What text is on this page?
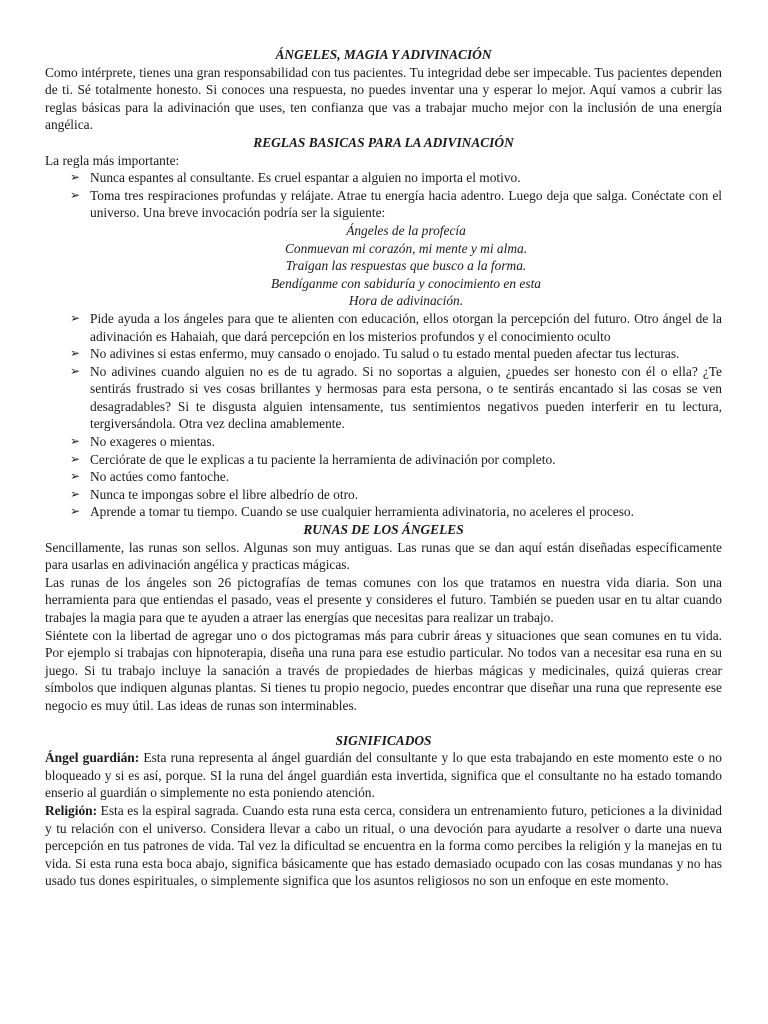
ÁNGELES, MAGIA Y ADIVINACIÓN

Como intérprete, tienes una gran responsabilidad con tus pacientes. Tu integridad debe ser impecable. Tus pacientes dependen de ti. Sé totalmente honesto. Si conoces una respuesta, no puedes inventar una y esperar lo mejor. Aquí vamos a cubrir las reglas básicas para la adivinación que uses, ten confianza que vas a trabajar mucho mejor con la inclusión de una energía angélica.

REGLAS BASICAS PARA LA ADIVINACIÓN

La regla más importante:

➢ Nunca espantes al consultante. Es cruel espantar a alguien no importa el motivo.
➢ Toma tres respiraciones profundas y relájate. Atrae tu energía hacia adentro. Luego deja que salga. Conéctate con el universo. Una breve invocación podría ser la siguiente:

Ángeles de la profecía

Conmuevan mi corazón, mi mente y mi alma.

Traigan las respuestas que busco a la forma.

Bendíganme con sabiduría y conocimiento en esta

Hora de adivinación.

➢ Pide ayuda a los ángeles para que te alienten con educación, ellos otorgan la percepción del futuro. Otro ángel de la adivinación es Hahaiah, que dará percepción en los misterios profundos y el conocimiento oculto
➢ No adivines si estas enfermo, muy cansado o enojado. Tu salud o tu estado mental pueden afectar tus lecturas.
➢ No adivines cuando alguien no es de tu agrado. Si no soportas a alguien, ¿puedes ser honesto con él o ella? ¿Te sentirás frustrado si ves cosas brillantes y hermosas para esta persona, o te sentirás encantado si las cosas se ven desagradables? Si te disgusta alguien intensamente, tus sentimientos negativos pueden interferir en tu lectura, tergiversándola. Otra vez declina amablemente.
➢ No exageres o mientas.
➢ Cerciórate de que le explicas a tu paciente la herramienta de adivinación por completo.
➢ No actúes como fantoche.
➢ Nunca te impongas sobre el libre albedrío de otro.
➢ Aprende a tomar tu tiempo. Cuando se use cualquier herramienta adivinatoria, no aceleres el proceso.

RUNAS DE LOS ÁNGELES

Sencillamente, las runas son sellos. Algunas son muy antiguas. Las runas que se dan aquí están diseñadas específicamente para usarlas en adivinación angélica y practicas mágicas.

Las runas de los ángeles son 26 pictografías de temas comunes con los que tratamos en nuestra vida diaria. Son una herramienta para que entiendas el pasado, veas el presente y consideres el futuro. También se pueden usar en tu altar cuando trabajes la magia para que te ayuden a atraer las energías que necesitas para realizar un trabajo.

Siéntete con la libertad de agregar uno o dos pictogramas más para cubrir áreas y situaciones que sean comunes en tu vida. Por ejemplo si trabajas con hipnoterapia, diseña una runa para ese estudio particular. No todos van a necesitar esa runa en su juego. Si tu trabajo incluye la sanación a través de propiedades de hierbas mágicas y medicinales, quizá quieras crear símbolos que indiquen algunas plantas. Si tienes tu propio negocio, puedes encontrar que diseñar una runa que represente ese negocio es muy útil. Las ideas de runas son interminables.

SIGNIFICADOS

Ángel guardián: Esta runa representa al ángel guardián del consultante y lo que esta trabajando en este momento este o no bloqueado y si es así, porque. SI la runa del ángel guardián esta invertida, significa que el consultante no ha estado tomando enserio al guardián o simplemente no esta poniendo atención.

Religión: Esta es la espiral sagrada. Cuando esta runa esta cerca, considera un entrenamiento futuro, peticiones a la divinidad y tu relación con el universo. Considera llevar a cabo un ritual, o una devoción para ayudarte a resolver o darte una nueva percepción en tus patrones de vida. Tal vez la dificultad se encuentra en la forma como percibes la religión y la manejas en tu vida. Si esta runa esta boca abajo, significa básicamente que has estado demasiado ocupado con las cosas mundanas y no has usado tus dones espirituales, o simplemente significa que los asuntos religiosos no son un enfoque en este momento.
